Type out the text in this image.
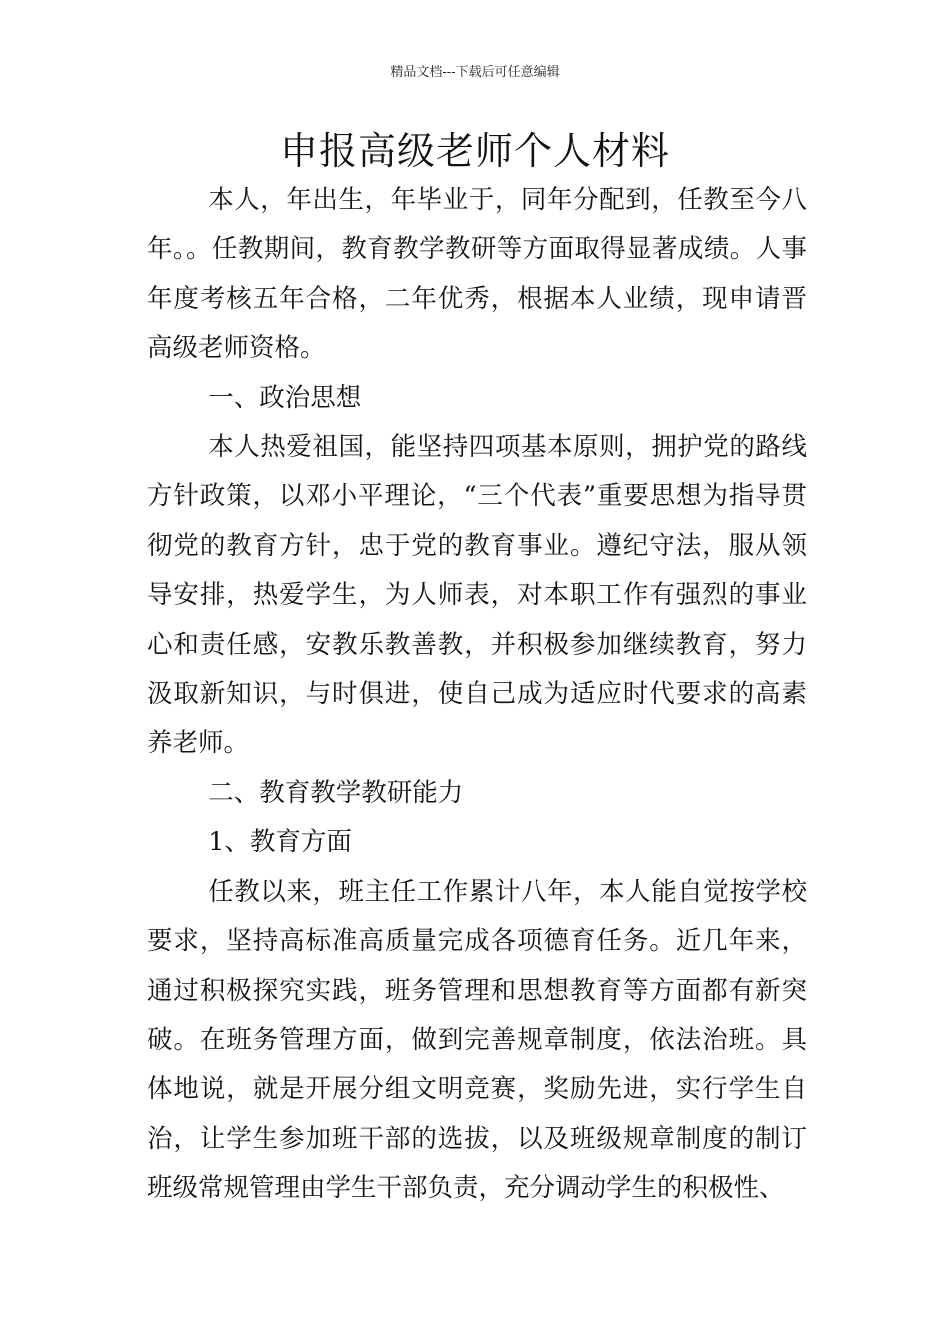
精品文档---下载后可任意编辑
申报高级老师个人材料

本人，年出生，年毕业于，同年分配到，任教至今八年。。任教期间，教育教学教研等方面取得显著成绩。人事年度考核五年合格，二年优秀，根据本人业绩，现申请晋高级老师资格。

一、政治思想

本人热爱祖国，能坚持四项基本原则，拥护党的路线方针政策，以邓小平理论，“三个代表”重要思想为指导贯彻党的教育方针，忠于党的教育事业。遵纪守法，服从领导安排，热爱学生，为人师表，对本职工作有强烈的事业心和责任感，安教乐教善教，并积极参加继续教育，努力汲取新知识，与时俱进，使自己成为适应时代要求的高素养老师。

二、教育教学教研能力

1、教育方面

任教以来，班主任工作累计八年，本人能自觉按学校要求，坚持高标准高质量完成各项德育任务。近几年来，通过积极探究实践，班务管理和思想教育等方面都有新突破。在班务管理方面，做到完善规章制度，依法治班。具体地说，就是开展分组文明竞赛，奖励先进，实行学生自治，让学生参加班干部的选拔，以及班级规章制度的制订班级常规管理由学生干部负责，充分调动学生的积极性、
